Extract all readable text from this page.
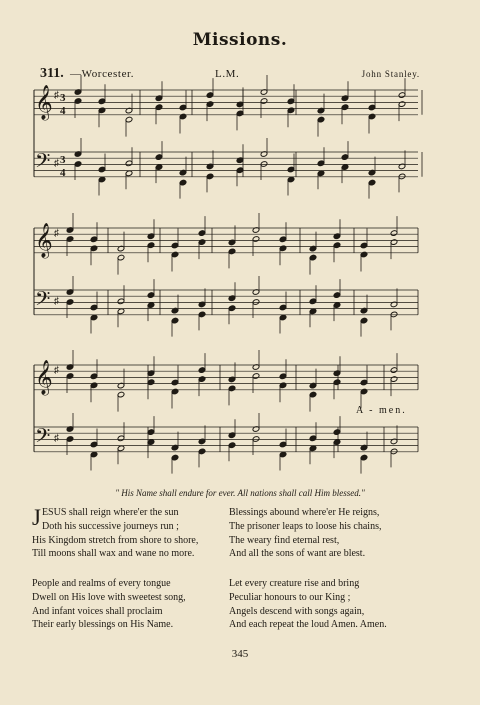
Missions.
311. —Worcester.	L.M.	John Stanley.
𝄞
𝄢
♯
♯
𝄞
𝄢
♯
♯
𝄞
𝄢
♯
♯
3
4
3
4
A - men.
" His Name shall endure for ever. All nations shall call Him blessed."
J ESUS shall reign where'er the sun
Doth his successive journeys run ;
His Kingdom stretch from shore to shore,
Till moons shall wax and wane no more.
Blessings abound where'er He reigns,
The prisoner leaps to loose his chains,
The weary find eternal rest,
And all the sons of want are blest.
People and realms of every tongue
Dwell on His love with sweetest song,
And infant voices shall proclaim
Their early blessings on His Name.
Let every creature rise and bring
Peculiar honours to our King ;
Angels descend with songs again,
And each repeat the loud Amen. Amen.
345
